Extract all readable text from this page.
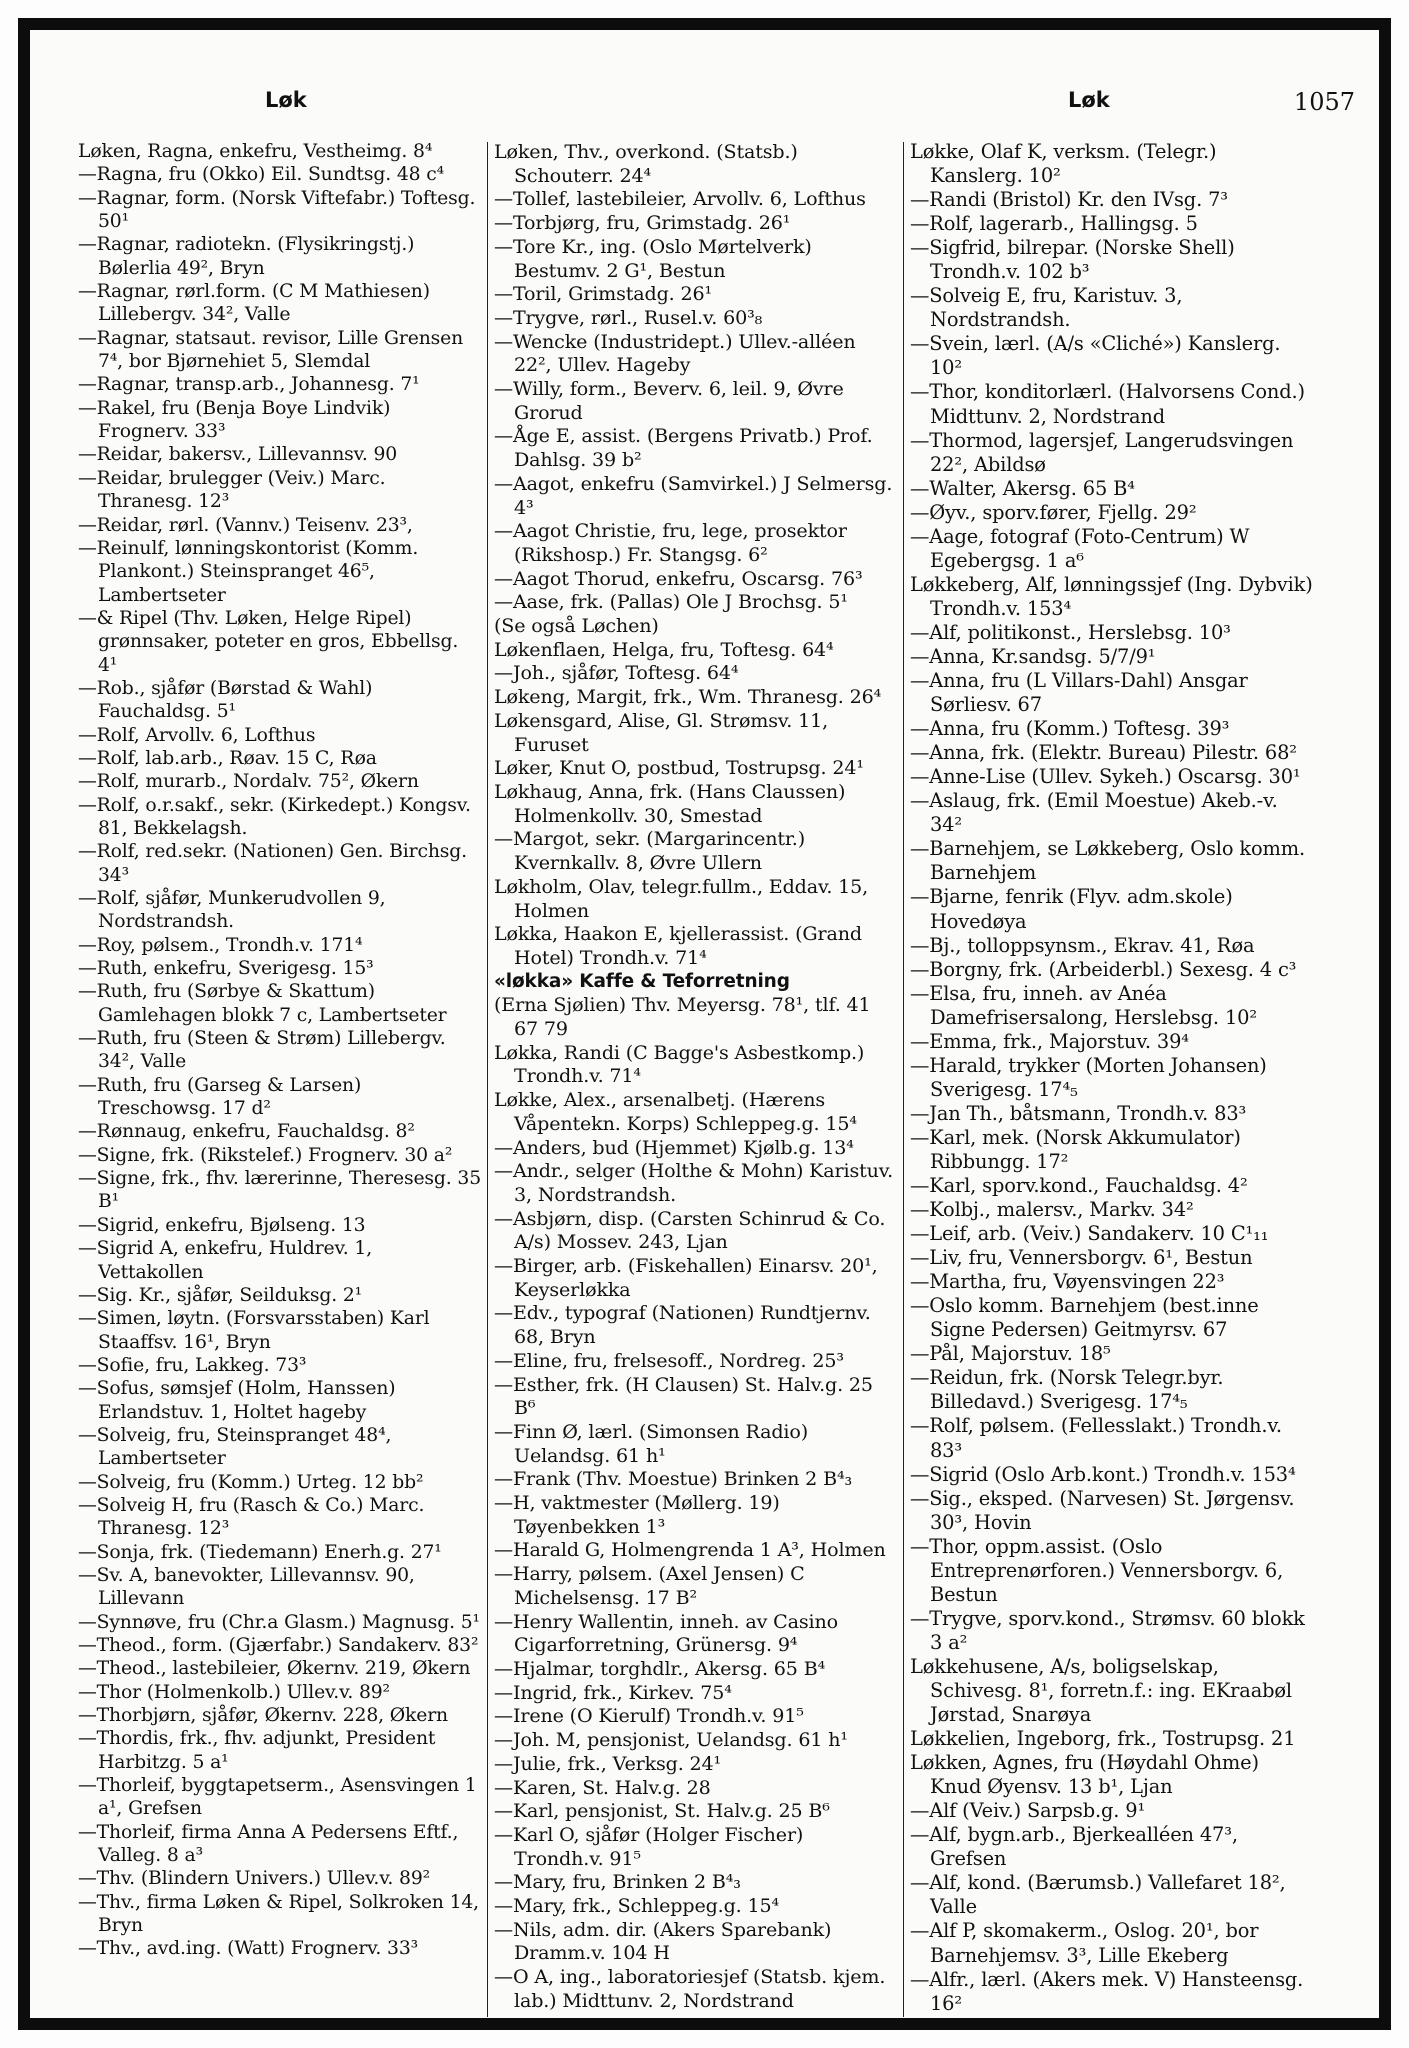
Løk	Løk	1057
Løken, Ragna, enkefru, Vestheimg. 8⁴
—Ragna, fru (Okko) Eil. Sundtsg. 48 c⁴
—Ragnar, form. (Norsk Viftefabr.) Toftesg. 50¹
—Ragnar, radiotekn. (Flysikringstj.) Bølerlia 49², Bryn
—Ragnar, rørl.form. (C M Mathiesen) Lillebergv. 34², Valle
—Ragnar, statsaut. revisor, Lille Grensen 7⁴, bor Bjørnehiet 5, Slemdal
—Ragnar, transp.arb., Johannesg. 7¹
—Rakel, fru (Benja Boye Lindvik) Frognerv. 33³
—Reidar, bakersv., Lillevannsv. 90
—Reidar, brulegger (Veiv.) Marc. Thranesg. 12³
—Reidar, rørl. (Vannv.) Teisenv. 23³,
—Reinulf, lønningskontorist (Komm. Plankont.) Steinspranget 46⁵, Lambertseter
—& Ripel (Thv. Løken, Helge Ripel) grønnsaker, poteter en gros, Ebbellsg. 4¹
—Rob., sjåfør (Børstad & Wahl) Fauchaldsg. 5¹
—Rolf, Arvollv. 6, Lofthus
—Rolf, lab.arb., Røav. 15 C, Røa
—Rolf, murarb., Nordalv. 75², Økern
—Rolf, o.r.sakf., sekr. (Kirkedept.) Kongsv. 81, Bekkelagsh.
—Rolf, red.sekr. (Nationen) Gen. Birchsg. 34³
—Rolf, sjåfør, Munkerudvollen 9, Nordstrandsh.
—Roy, pølsem., Trondh.v. 171⁴
—Ruth, enkefru, Sverigesg. 15³
—Ruth, fru (Sørbye & Skattum) Gamlehagen blokk 7 c, Lambertseter
—Ruth, fru (Steen & Strøm) Lillebergv. 34², Valle
—Ruth, fru (Garseg & Larsen) Treschowsg. 17 d²
—Rønnaug, enkefru, Fauchaldsg. 8²
—Signe, frk. (Rikstelef.) Frognerv. 30 a²
—Signe, frk., fhv. lærerinne, Theresesg. 35 B¹
—Sigrid, enkefru, Bjølseng. 13
—Sigrid A, enkefru, Huldrev. 1, Vettakollen
—Sig. Kr., sjåfør, Seilduksg. 2¹
—Simen, løytn. (Forsvarsstaben) Karl Staaffsv. 16¹, Bryn
—Sofie, fru, Lakkeg. 73³
—Sofus, sømsjef (Holm, Hanssen) Erlandstuv. 1, Holtet hageby
—Solveig, fru, Steinspranget 48⁴, Lambertseter
—Solveig, fru (Komm.) Urteg. 12 bb²
—Solveig H, fru (Rasch & Co.) Marc. Thranesg. 12³
—Sonja, frk. (Tiedemann) Enerh.g. 27¹
—Sv. A, banevokter, Lillevannsv. 90, Lillevann
—Synnøve, fru (Chr.a Glasm.) Magnusg. 5¹
—Theod., form. (Gjærfabr.) Sandakerv. 83²
—Theod., lastebileier, Økernv. 219, Økern
—Thor (Holmenkolb.) Ullev.v. 89²
—Thorbjørn, sjåfør, Økernv. 228, Økern
—Thordis, frk., fhv. adjunkt, President Harbitzg. 5 a¹
—Thorleif, byggtapetserm., Asensvingen 1 a¹, Grefsen
—Thorleif, firma Anna A Pedersens Eftf., Valleg. 8 a³
—Thv. (Blindern Univers.) Ullev.v. 89²
—Thv., firma Løken & Ripel, Solkroken 14, Bryn
—Thv., avd.ing. (Watt) Frognerv. 33³
Løken, Thv., overkond. (Statsb.) Schouterr. 24⁴
—Tollef, lastebileier, Arvollv. 6, Lofthus
—Torbjørg, fru, Grimstadg. 26¹
—Tore Kr., ing. (Oslo Mørtelverk) Bestumv. 2 G¹, Bestun
—Toril, Grimstadg. 26¹
—Trygve, rørl., Rusel.v. 60³₈
—Wencke (Industridept.) Ullev.-alléen 22², Ullev. Hageby
—Willy, form., Beverv. 6, leil. 9, Øvre Grorud
—Åge E, assist. (Bergens Privatb.) Prof. Dahlsg. 39 b²
—Aagot, enkefru (Samvirkel.) J Selmersg. 4³
—Aagot Christie, fru, lege, prosektor (Rikshosp.) Fr. Stangsg. 6²
—Aagot Thorud, enkefru, Oscarsg. 76³
—Aase, frk. (Pallas) Ole J Brochsg. 5¹
(Se også Løchen)
Løkenflaen, Helga, fru, Toftesg. 64⁴
—Joh., sjåfør, Toftesg. 64⁴
Løkeng, Margit, frk., Wm. Thranesg. 26⁴
Løkensgard, Alise, Gl. Strømsv. 11, Furuset
Løker, Knut O, postbud, Tostrupsg. 24¹
Løkhaug, Anna, frk. (Hans Claussen) Holmenkollv. 30, Smestad
—Margot, sekr. (Margarincentr.) Kvernkallv. 8, Øvre Ullern
Løkholm, Olav, telegr.fullm., Eddav. 15, Holmen
Løkka, Haakon E, kjellerassist. (Grand Hotel) Trondh.v. 71⁴
«løkka» Kaffe & Teforretning
(Erna Sjølien) Thv. Meyersg. 78¹, tlf. 41 67 79
Løkka, Randi (C Bagge's Asbestkomp.) Trondh.v. 71⁴
Løkke, Alex., arsenalbetj. (Hærens Våpentekn. Korps) Schleppeg.g. 15⁴
—Anders, bud (Hjemmet) Kjølb.g. 13⁴
—Andr., selger (Holthe & Mohn) Karistuv. 3, Nordstrandsh.
—Asbjørn, disp. (Carsten Schinrud & Co. A/s) Mossev. 243, Ljan
—Birger, arb. (Fiskehallen) Einarsv. 20¹, Keyserløkka
—Edv., typograf (Nationen) Rundtjernv. 68, Bryn
—Eline, fru, frelsesoff., Nordreg. 25³
—Esther, frk. (H Clausen) St. Halv.g. 25 B⁶
—Finn Ø, lærl. (Simonsen Radio) Uelandsg. 61 h¹
—Frank (Thv. Moestue) Brinken 2 B⁴₃
—H, vaktmester (Møllerg. 19) Tøyenbekken 1³
—Harald G, Holmengrenda 1 A³, Holmen
—Harry, pølsem. (Axel Jensen) C Michelsensg. 17 B²
—Henry Wallentin, inneh. av Casino Cigarforretning, Grünersg. 9⁴
—Hjalmar, torghdlr., Akersg. 65 B⁴
—Ingrid, frk., Kirkev. 75⁴
—Irene (O Kierulf) Trondh.v. 91⁵
—Joh. M, pensjonist, Uelandsg. 61 h¹
—Julie, frk., Verksg. 24¹
—Karen, St. Halv.g. 28
—Karl, pensjonist, St. Halv.g. 25 B⁶
—Karl O, sjåfør (Holger Fischer) Trondh.v. 91⁵
—Mary, fru, Brinken 2 B⁴₃
—Mary, frk., Schleppeg.g. 15⁴
—Nils, adm. dir. (Akers Sparebank) Dramm.v. 104 H
—O A, ing., laboratoriesjef (Statsb. kjem. lab.) Midttunv. 2, Nordstrand
Løkke, Olaf K, verksm. (Telegr.) Kanslerg. 10²
—Randi (Bristol) Kr. den IVsg. 7³
—Rolf, lagerarb., Hallingsg. 5
—Sigfrid, bilrepar. (Norske Shell) Trondh.v. 102 b³
—Solveig E, fru, Karistuv. 3, Nordstrandsh.
—Svein, lærl. (A/s «Cliché») Kanslerg. 10²
—Thor, konditorlærl. (Halvorsens Cond.) Midttunv. 2, Nordstrand
—Thormod, lagersjef, Langerudsvingen 22², Abildsø
—Walter, Akersg. 65 B⁴
—Øyv., sporv.fører, Fjellg. 29²
—Aage, fotograf (Foto-Centrum) W Egebergsg. 1 a⁶
Løkkeberg, Alf, lønningssjef (Ing. Dybvik) Trondh.v. 153⁴
—Alf, politikonst., Herslebsg. 10³
—Anna, Kr.sandsg. 5/7/9¹
—Anna, fru (L Villars-Dahl) Ansgar Sørliesv. 67
—Anna, fru (Komm.) Toftesg. 39³
—Anna, frk. (Elektr. Bureau) Pilestr. 68²
—Anne-Lise (Ullev. Sykeh.) Oscarsg. 30¹
—Aslaug, frk. (Emil Moestue) Akeb.-v. 34²
—Barnehjem, se Løkkeberg, Oslo komm. Barnehjem
—Bjarne, fenrik (Flyv. adm.skole) Hovedøya
—Bj., tolloppsynsm., Ekrav. 41, Røa
—Borgny, frk. (Arbeiderbl.) Sexesg. 4 c³
—Elsa, fru, inneh. av Anéa Damefrisersalong, Herslebsg. 10²
—Emma, frk., Majorstuv. 39⁴
—Harald, trykker (Morten Johansen) Sverigesg. 17⁴₅
—Jan Th., båtsmann, Trondh.v. 83³
—Karl, mek. (Norsk Akkumulator) Ribbungg. 17²
—Karl, sporv.kond., Fauchaldsg. 4²
—Kolbj., malersv., Markv. 34²
—Leif, arb. (Veiv.) Sandakerv. 10 C¹₁₁
—Liv, fru, Vennersborgv. 6¹, Bestun
—Martha, fru, Vøyensvingen 22³
—Oslo komm. Barnehjem (best.inne Signe Pedersen) Geitmyrsv. 67
—Pål, Majorstuv. 18⁵
—Reidun, frk. (Norsk Telegr.byr. Billedavd.) Sverigesg. 17⁴₅
—Rolf, pølsem. (Fellesslakt.) Trondh.v. 83³
—Sigrid (Oslo Arb.kont.) Trondh.v. 153⁴
—Sig., eksped. (Narvesen) St. Jørgensv. 30³, Hovin
—Thor, oppm.assist. (Oslo Entreprenørforen.) Vennersborgv. 6, Bestun
—Trygve, sporv.kond., Strømsv. 60 blokk 3 a²
Løkkehusene, A/s, boligselskap, Schivesg. 8¹, forretn.f.: ing. EKraabøl Jørstad, Snarøya
Løkkelien, Ingeborg, frk., Tostrupsg. 21
Løkken, Agnes, fru (Høydahl Ohme) Knud Øyensv. 13 b¹, Ljan
—Alf (Veiv.) Sarpsb.g. 9¹
—Alf, bygn.arb., Bjerkealléen 47³, Grefsen
—Alf, kond. (Bærumsb.) Vallefaret 18², Valle
—Alf P, skomakerm., Oslog. 20¹, bor Barnehjemsv. 3³, Lille Ekeberg
—Alfr., lærl. (Akers mek. V) Hansteensg. 16²
